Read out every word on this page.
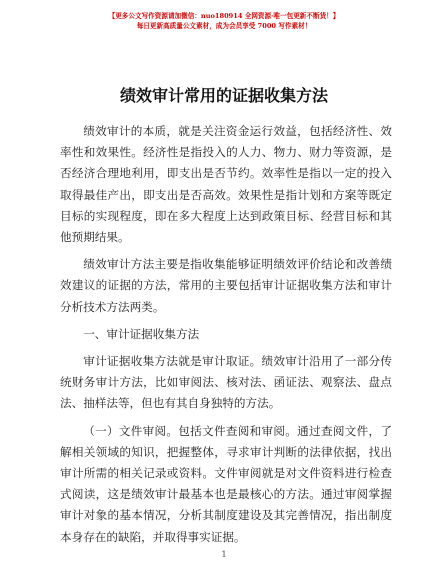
【更多公文写作资源请加微信：nuo180914 全网资源·唯一包更新不断货！】
每日更新高质量公文素材，成为会员享受 7000 写作素材！
绩效审计常用的证据收集方法

绩效审计的本质，就是关注资金运行效益，包括经济性、效率性和效果性。经济性是指投入的人力、物力、财力等资源，是否经济合理地利用，即支出是否节约。效率性是指以一定的投入取得最佳产出，即支出是否高效。效果性是指计划和方案等既定目标的实现程度，即在多大程度上达到政策目标、经营目标和其他预期结果。

绩效审计方法主要是指收集能够证明绩效评价结论和改善绩效建议的证据的方法，常用的主要包括审计证据收集方法和审计分析技术方法两类。

一、审计证据收集方法

审计证据收集方法就是审计取证。绩效审计沿用了一部分传统财务审计方法，比如审阅法、核对法、函证法、观察法、盘点法、抽样法等，但也有其自身独特的方法。

（一）文件审阅。包括文件查阅和审阅。通过查阅文件，了解相关领域的知识，把握整体，寻求审计判断的法律依据，找出审计所需的相关记录或资料。文件审阅就是对文件资料进行检查式阅读，这是绩效审计最基本也是最核心的方法。通过审阅掌握审计对象的基本情况，分析其制度建设及其完善情况，指出制度本身存在的缺陷，并取得事实证据。

1
